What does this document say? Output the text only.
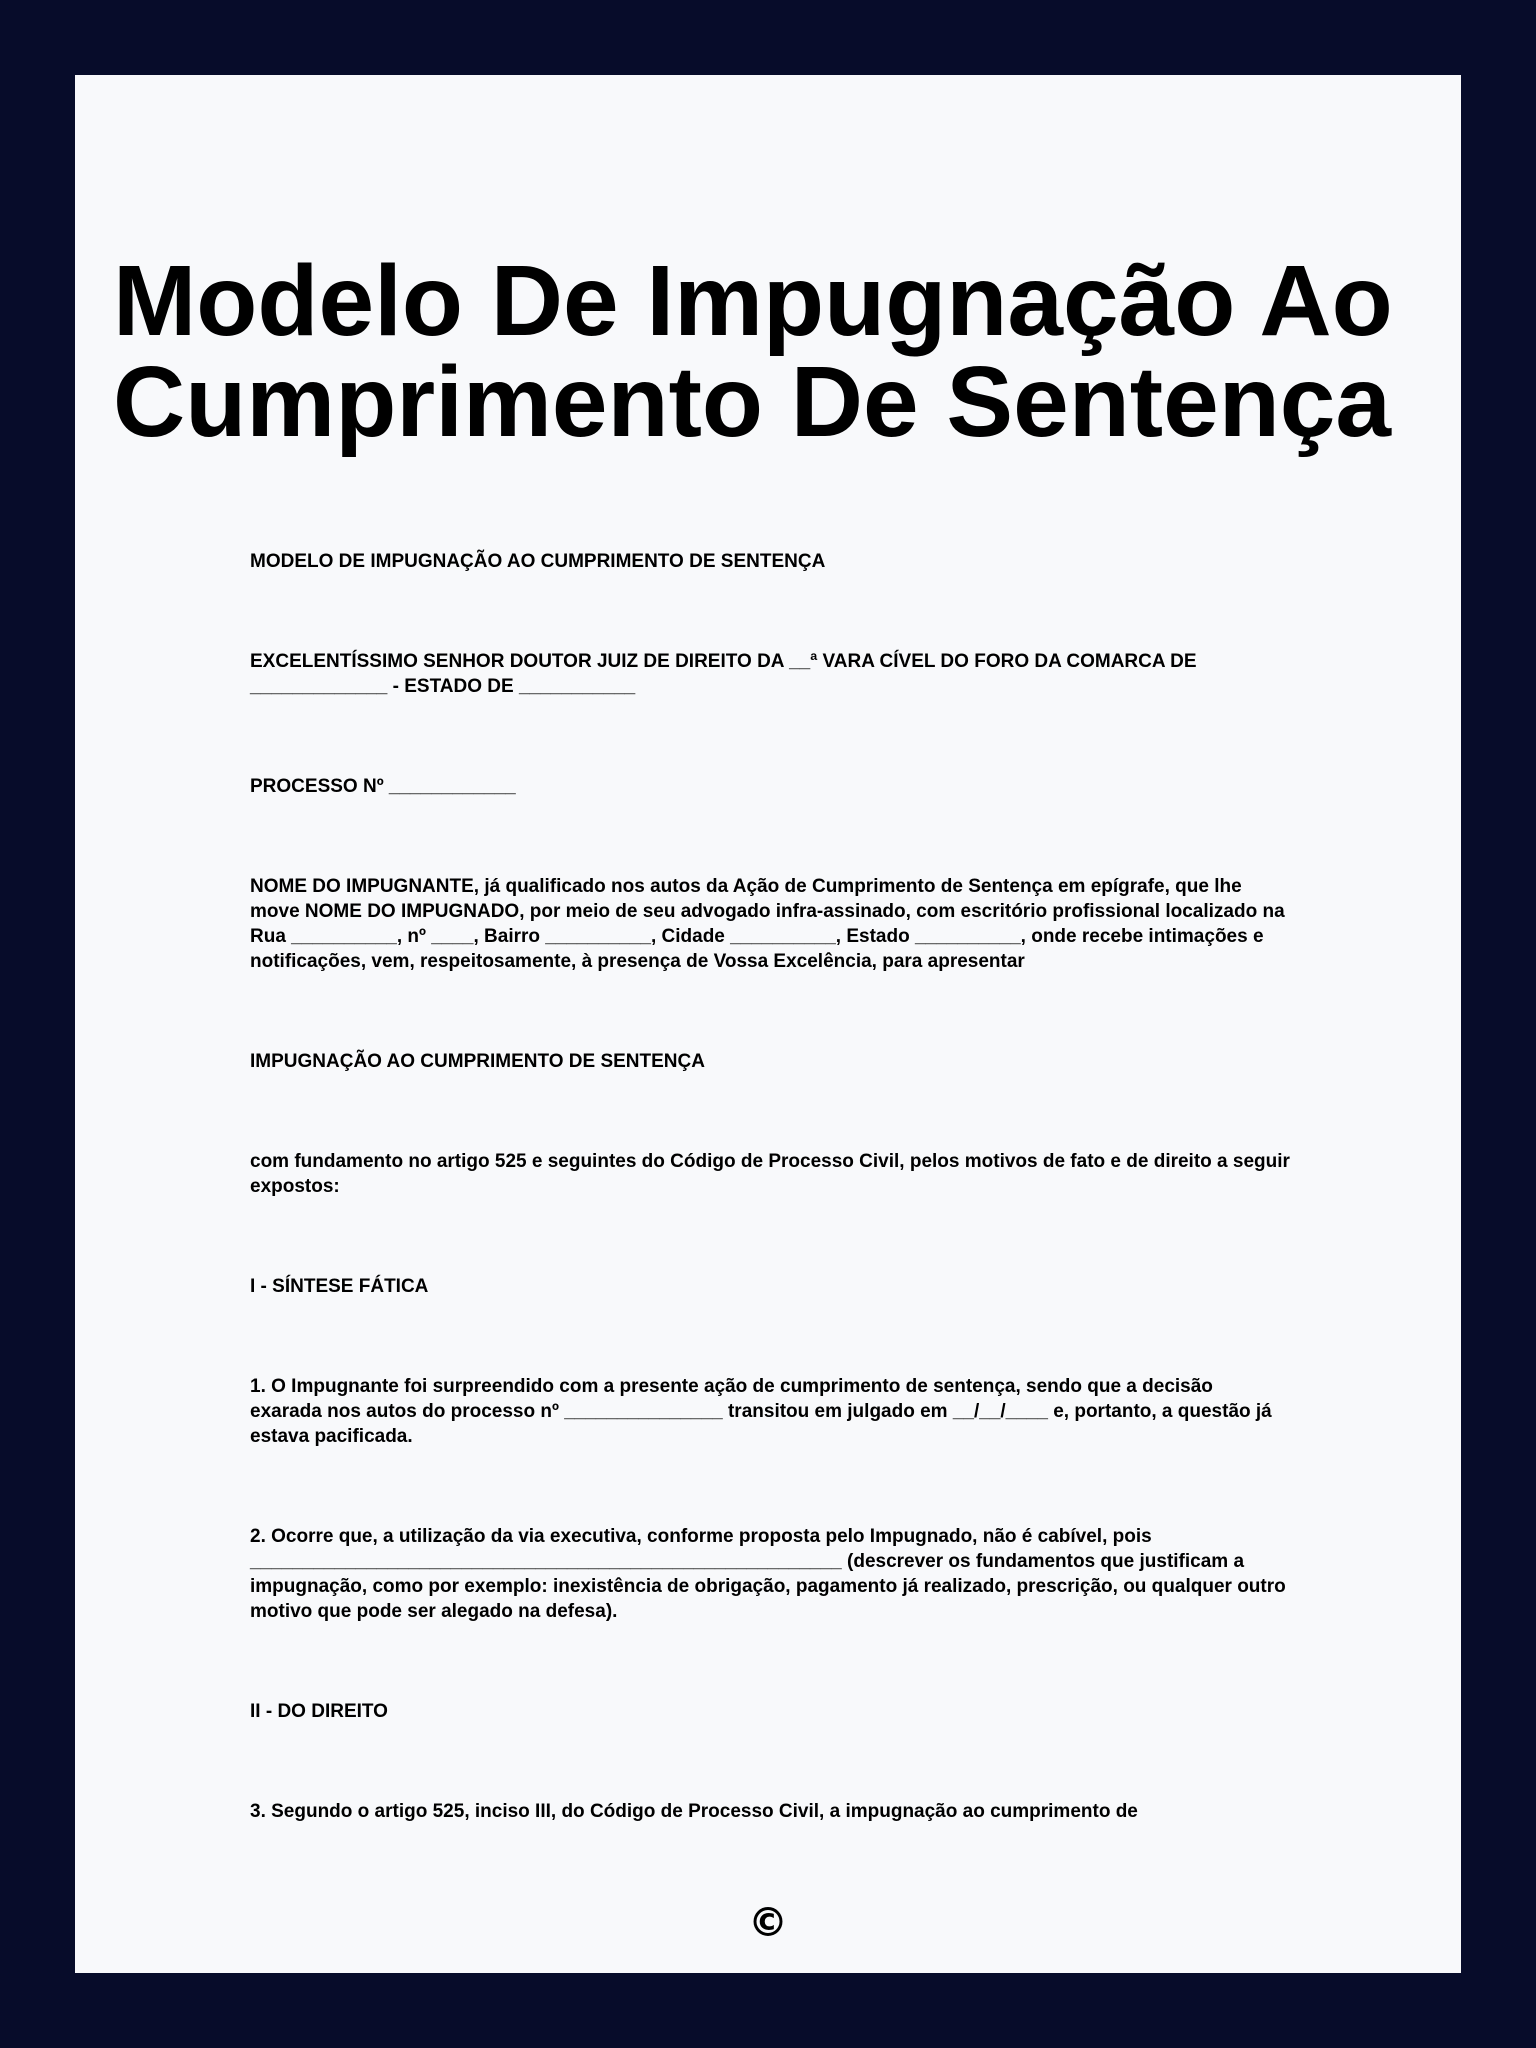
Modelo De Impugnação Ao Cumprimento De Sentença

MODELO DE IMPUGNAÇÃO AO CUMPRIMENTO DE SENTENÇA

EXCELENTÍSSIMO SENHOR DOUTOR JUIZ DE DIREITO DA __ª VARA CÍVEL DO FORO DA COMARCA DE _____________ - ESTADO DE ___________

PROCESSO Nº ____________

NOME DO IMPUGNANTE, já qualificado nos autos da Ação de Cumprimento de Sentença em epígrafe, que lhe move NOME DO IMPUGNADO, por meio de seu advogado infra-assinado, com escritório profissional localizado na Rua __________, nº ____, Bairro __________, Cidade __________, Estado __________, onde recebe intimações e notificações, vem, respeitosamente, à presença de Vossa Excelência, para apresentar

IMPUGNAÇÃO AO CUMPRIMENTO DE SENTENÇA

com fundamento no artigo 525 e seguintes do Código de Processo Civil, pelos motivos de fato e de direito a seguir expostos:

I - SÍNTESE FÁTICA

1. O Impugnante foi surpreendido com a presente ação de cumprimento de sentença, sendo que a decisão exarada nos autos do processo nº _______________ transitou em julgado em __/__/____ e, portanto, a questão já estava pacificada.

2. Ocorre que, a utilização da via executiva, conforme proposta pelo Impugnado, não é cabível, pois ________________________________________________________ (descrever os fundamentos que justificam a impugnação, como por exemplo: inexistência de obrigação, pagamento já realizado, prescrição, ou qualquer outro motivo que pode ser alegado na defesa).

II - DO DIREITO

3. Segundo o artigo 525, inciso III, do Código de Processo Civil, a impugnação ao cumprimento de

©
